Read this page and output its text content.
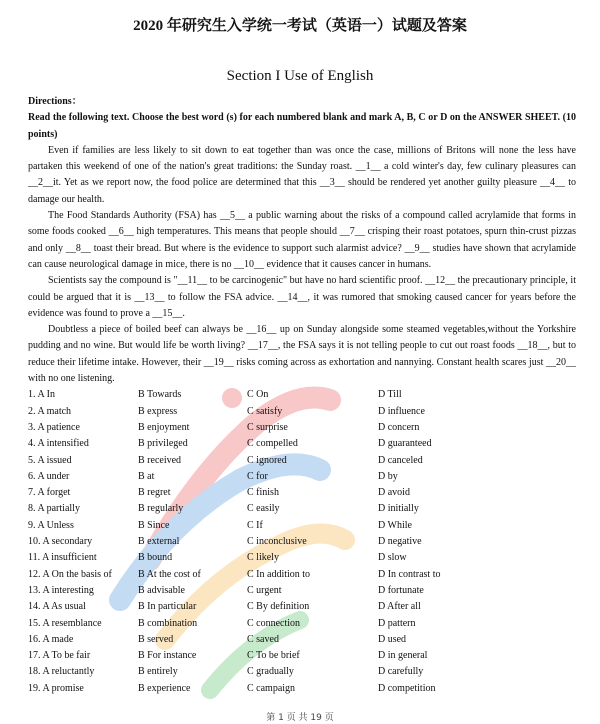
2020 年研究生入学统一考试（英语一）试题及答案
Section I Use of English

Directions：

Read the following text. Choose the best word (s) for each numbered blank and mark A, B, C or D on the ANSWER SHEET. (10 points)

Even if families are less likely to sit down to eat together than was once the case, millions of Britons will none the less have partaken this weekend of one of the nation's great traditions: the Sunday roast. __1__ a cold winter's day, few culinary pleasures can __2__it. Yet as we report now, the food police are determined that this __3__ should be rendered yet another guilty pleasure __4__ to damage our health.

The Food Standards Authority (FSA) has __5__ a public warning about the risks of a compound called acrylamide that forms in some foods cooked __6__ high temperatures. This means that people should __7__ crisping their roast potatoes, spurn thin-crust pizzas and only __8__ toast their bread. But where is the evidence to support such alarmist advice? __9__ studies have shown that acrylamide can cause neurological damage in mice, there is no __10__ evidence that it causes cancer in humans.

Scientists say the compound is "__11__ to be carcinogenic" but have no hard scientific proof. __12__ the precautionary principle, it could be argued that it is __13__ to follow the FSA advice. __14__, it was rumored that smoking caused cancer for years before the evidence was found to prove a __15__.

Doubtless a piece of boiled beef can always be __16__ up on Sunday alongside some steamed vegetables,without the Yorkshire pudding and no wine. But would life be worth living? __17__, the FSA says it is not telling people to cut out roast foods __18__, but to reduce their lifetime intake. However, their __19__ risks coming across as exhortation and nannying. Constant health scares just __20__ with no one listening.

1. A In	B Towards	C On	D Till
2. A match	B express	C satisfy	D influence
3. A patience	B enjoyment	C surprise	D concern
4. A intensified	B privileged	C compelled	D guaranteed
5. A issued	B received	C ignored	D canceled
6. A under	B at	C for	D by
7. A forget	B regret	C finish	D avoid
8. A partially	B regularly	C easily	D initially
9. A Unless	B Since	C If	D While
10. A secondary	B external	C inconclusive	D negative
11. A insufficient	B bound	C likely	D slow
12. A On the basis of	B At the cost of	C In addition to	D In contrast to
13. A interesting	B advisable	C urgent	D fortunate
14. A As usual	B In particular	C By definition	D After all
15. A resemblance	B combination	C connection	D pattern
16. A made	B served	C saved	D used
17. A To be fair	B For instance	C To be brief	D in general
18. A reluctantly	B entirely	C gradually	D carefully
19. A promise	B experience	C campaign	D competition
第 1 页 共 19 页
